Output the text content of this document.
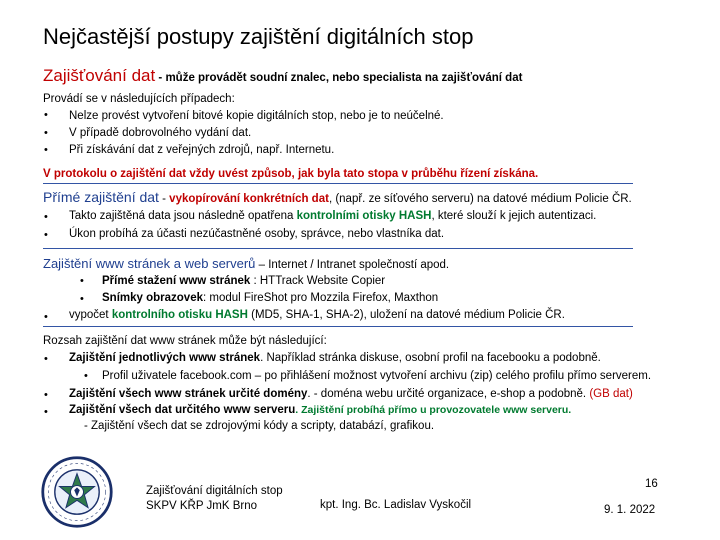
Nejčastější postupy zajištění digitálních stop
Zajišťování dat - může provádět soudní znalec, nebo specialista na zajišťování dat
Provádí se v následujících případech:
• Nelze provést vytvoření bitové kopie digitálních stop, nebo je to neúčelné.
• V případě dobrovolného vydání dat.
• Při získávání dat z veřejných zdrojů, např. Internetu.
V protokolu o zajištění dat vždy uvést způsob, jak byla tato stopa v průběhu řízení získána.
Přímé zajištění dat - vykopírování konkrétních dat, (např. ze síťového serveru) na datové médium Policie ČR.
• Takto zajištěná data jsou následně opatřena kontrolními otisky HASH, které slouží k jejich autentizaci.
• Úkon probíhá za účasti nezúčastněné osoby, správce, nebo vlastníka dat.
Zajištění www stránek a web serverů – Internet / Intranet společností apod.
• Přímé stažení www stránek : HTTrack Website Copier
• Snímky obrazovek: modul FireShot pro Mozzila Firefox, Maxthon
• vypočet kontrolního otisku HASH (MD5, SHA-1, SHA-2), uložení na datové médium Policie ČR.
Rozsah zajištění dat www stránek může být následující:
• Zajištění jednotlivých www stránek. Například stránka diskuse, osobní profil na facebooku a podobně.
• Profil uživatele facebook.com – po přihlášení možnost vytvoření archivu (zip) celého profilu přímo serverem.
• Zajištění všech www stránek určité domény. - doména webu určité organizace, e-shop a podobně. (GB dat)
• Zajištění všech dat určitého www serveru. Zajištění probíhá přímo u provozovatele www serveru.
- Zajištění všech dat se zdrojovými kódy a scripty, databází, grafikou.
Zajišťování digitálních stop
SKPV KŘP JmK Brno	kpt. Ing. Bc. Ladislav Vyskočil
16
9. 1. 2022
